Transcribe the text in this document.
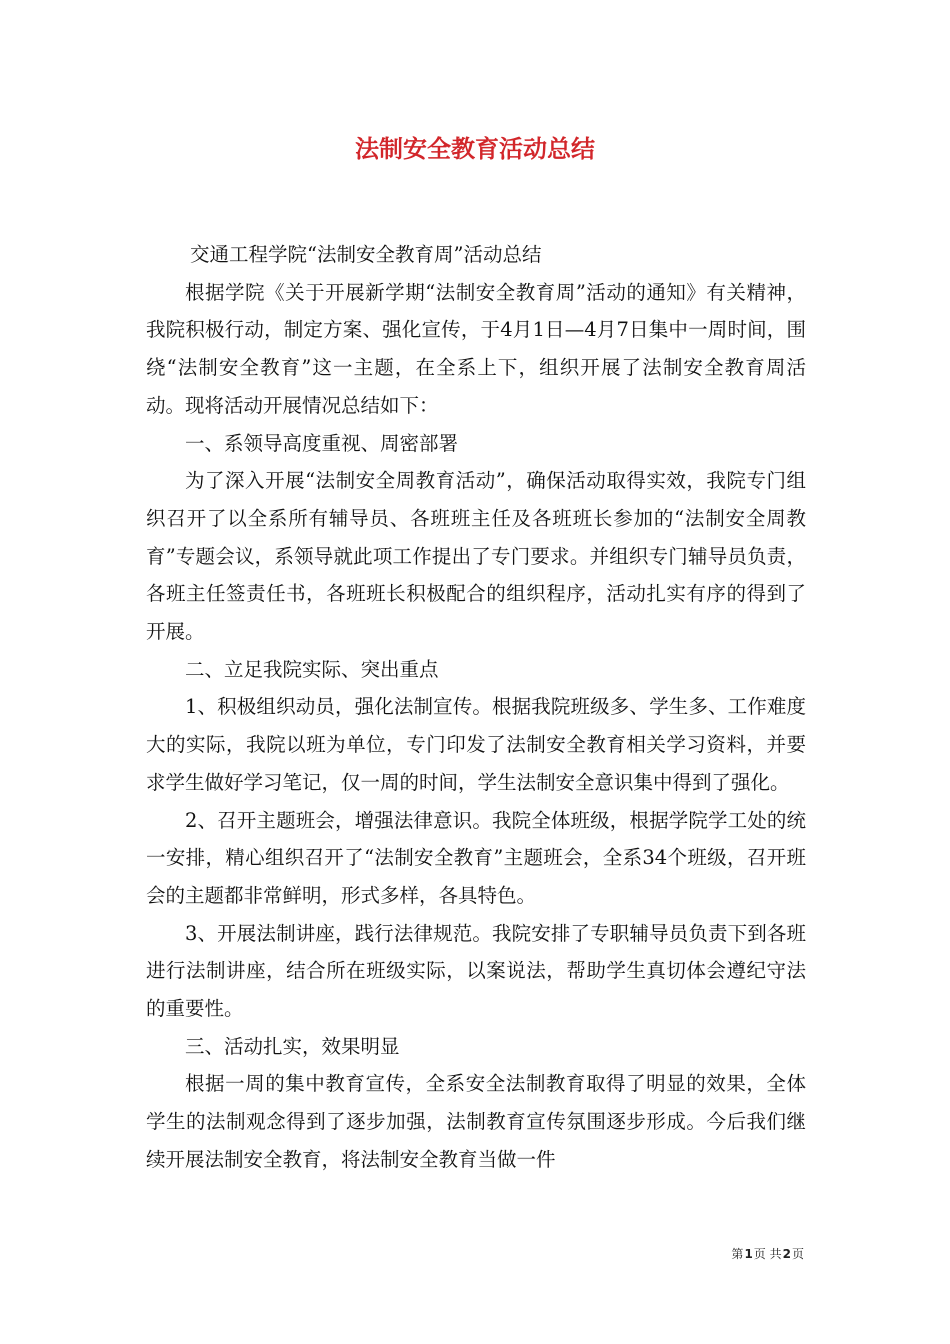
法制安全教育活动总结

交通工程学院“法制安全教育周”活动总结

根据学院《关于开展新学期“法制安全教育周”活动的通知》有关精神，我院积极行动，制定方案、强化宣传，于4月1日—4月7日集中一周时间，围绕“法制安全教育”这一主题，在全系上下，组织开展了法制安全教育周活动。现将活动开展情况总结如下：

一、系领导高度重视、周密部署

为了深入开展“法制安全周教育活动”，确保活动取得实效，我院专门组织召开了以全系所有辅导员、各班班主任及各班班长参加的“法制安全周教育”专题会议，系领导就此项工作提出了专门要求。并组织专门辅导员负责，各班主任签责任书，各班班长积极配合的组织程序，活动扎实有序的得到了开展。

二、立足我院实际、突出重点

1、积极组织动员，强化法制宣传。根据我院班级多、学生多、工作难度大的实际，我院以班为单位，专门印发了法制安全教育相关学习资料，并要求学生做好学习笔记，仅一周的时间，学生法制安全意识集中得到了强化。

2、召开主题班会，增强法律意识。我院全体班级，根据学院学工处的统一安排，精心组织召开了“法制安全教育”主题班会，全系34个班级，召开班会的主题都非常鲜明，形式多样，各具特色。

3、开展法制讲座，践行法律规范。我院安排了专职辅导员负责下到各班进行法制讲座，结合所在班级实际，以案说法，帮助学生真切体会遵纪守法的重要性。

三、活动扎实，效果明显

根据一周的集中教育宣传，全系安全法制教育取得了明显的效果，全体学生的法制观念得到了逐步加强，法制教育宣传氛围逐步形成。今后我们继续开展法制安全教育，将法制安全教育当做一件

第1页 共2页
